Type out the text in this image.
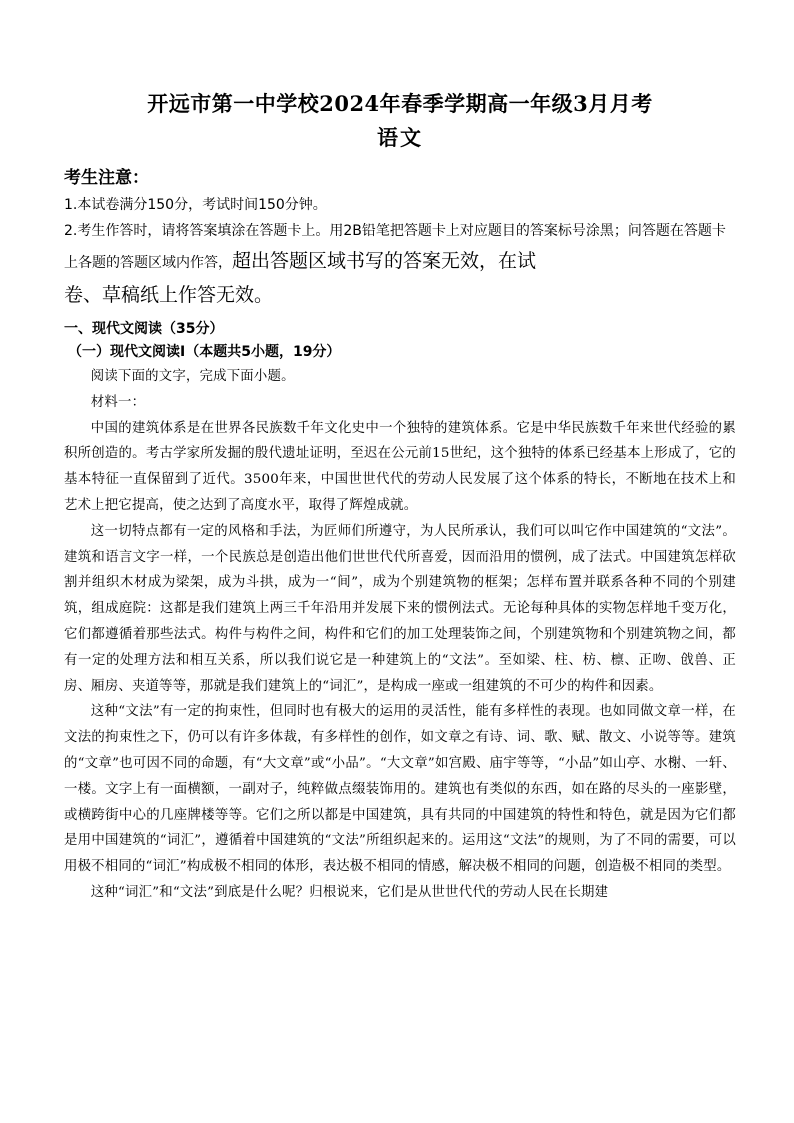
开远市第一中学校2024年春季学期高一年级3月月考
语文

考生注意：

1.本试卷满分150分，考试时间150分钟。

2.考生作答时，请将答案填涂在答题卡上。用2B铅笔把答题卡上对应题目的答案标号涂黑；问答题在答题卡上各题的答题区域内作答，超出答题区域书写的答案无效，在试

卷、草稿纸上作答无效。

一、现代文阅读（35分）

（一）现代文阅读Ⅰ（本题共5小题，19分）

阅读下面的文字，完成下面小题。

材料一：

中国的建筑体系是在世界各民族数千年文化史中一个独特的建筑体系。它是中华民族数千年来世代经验的累积所创造的。考古学家所发掘的殷代遗址证明，至迟在公元前15世纪，这个独特的体系已经基本上形成了，它的基本特征一直保留到了近代。3500年来，中国世世代代的劳动人民发展了这个体系的特长，不断地在技术上和艺术上把它提高，使之达到了高度水平，取得了辉煌成就。

这一切特点都有一定的风格和手法，为匠师们所遵守，为人民所承认，我们可以叫它作中国建筑的“文法”。建筑和语言文字一样，一个民族总是创造出他们世世代代所喜爱，因而沿用的惯例，成了法式。中国建筑怎样砍割并组织木材成为梁架，成为斗拱，成为一“间”，成为个别建筑物的框架；怎样布置并联系各种不同的个别建筑，组成庭院：这都是我们建筑上两三千年沿用并发展下来的惯例法式。无论每种具体的实物怎样地千变万化，它们都遵循着那些法式。构件与构件之间，构件和它们的加工处理装饰之间，个别建筑物和个别建筑物之间，都有一定的处理方法和相互关系，所以我们说它是一种建筑上的“文法”。至如梁、柱、枋、檩、正吻、戗兽、正房、厢房、夹道等等，那就是我们建筑上的“词汇”，是构成一座或一组建筑的不可少的构件和因素。

这种“文法”有一定的拘束性，但同时也有极大的运用的灵活性，能有多样性的表现。也如同做文章一样，在文法的拘束性之下，仍可以有许多体裁，有多样性的创作，如文章之有诗、词、歌、赋、散文、小说等等。建筑的“文章”也可因不同的命题，有“大文章”或“小品”。“大文章”如宫殿、庙宇等等，“小品”如山亭、水榭、一轩、一楼。文字上有一面横额，一副对子，纯粹做点缀装饰用的。建筑也有类似的东西，如在路的尽头的一座影壁，或横跨街中心的几座牌楼等等。它们之所以都是中国建筑，具有共同的中国建筑的特性和特色，就是因为它们都是用中国建筑的“词汇”，遵循着中国建筑的“文法”所组织起来的。运用这“文法”的规则，为了不同的需要，可以用极不相同的“词汇”构成极不相同的体形，表达极不相同的情感，解决极不相同的问题，创造极不相同的类型。

这种“词汇”和“文法”到底是什么呢？归根说来，它们是从世世代代的劳动人民在长期建
